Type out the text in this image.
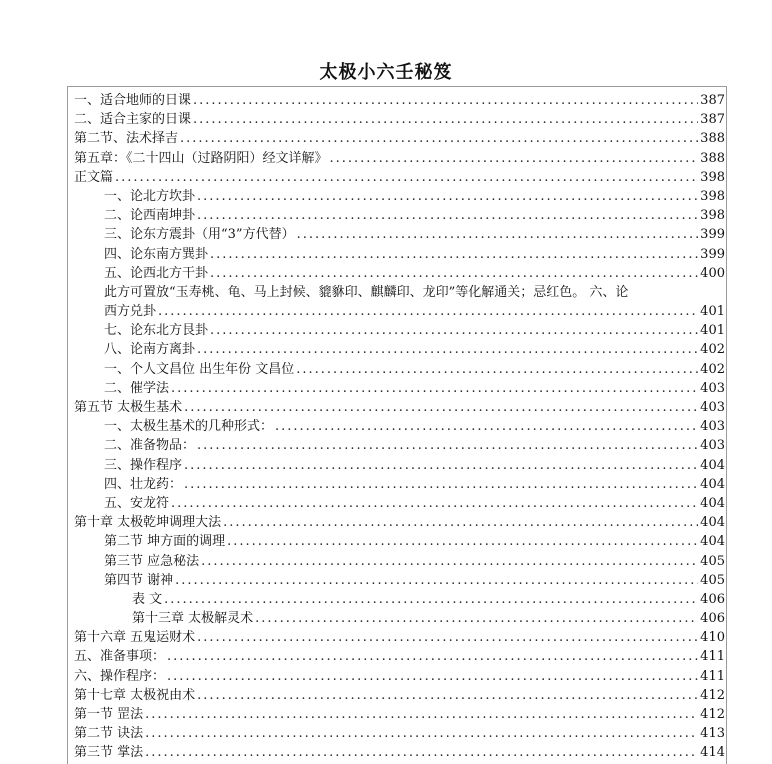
太极小六壬秘笈
一、适合地师的日课 .....	387
二、适合主家的日课 .....	387
第二节、法术择吉 .....	388
第五章：《二十四山（过路阴阳）经文详解》 .....	388
正文篇 .....	398
一、论北方坎卦 .....	398
二、论西南坤卦 .....	398
三、论东方震卦（用“3”方代替） .....	399
四、论东南方巽卦 .....	399
五、论西北方干卦 .....	400
此方可置放“玉寿桃、龟、马上封候、貔貅印、麒麟印、龙印”等化解通关；忌红色。 六、论
西方兑卦 .....	401
七、论东北方艮卦 .....	401
八、论南方离卦 .....	402
一、个人文昌位 出生年份 文昌位 .....	402
二、催学法 .....	403
第五节 太极生基术 .....	403
一、太极生基术的几种形式： .....	403
二、准备物品： .....	403
三、操作程序 .....	404
四、壮龙药： .....	404
五、安龙符 .....	404
第十章 太极乾坤调理大法 .....	404
第二节 坤方面的调理 .....	404
第三节 应急秘法 .....	405
第四节 谢神 .....	405
表 文 .....	406
第十三章 太极解灵术 .....	406
第十六章 五鬼运财术 .....	410
五、准备事项： .....	411
六、操作程序： .....	411
第十七章 太极祝由术 .....	412
第一节 罡法 .....	412
第二节 诀法 .....	413
第三节 掌法 .....	414
